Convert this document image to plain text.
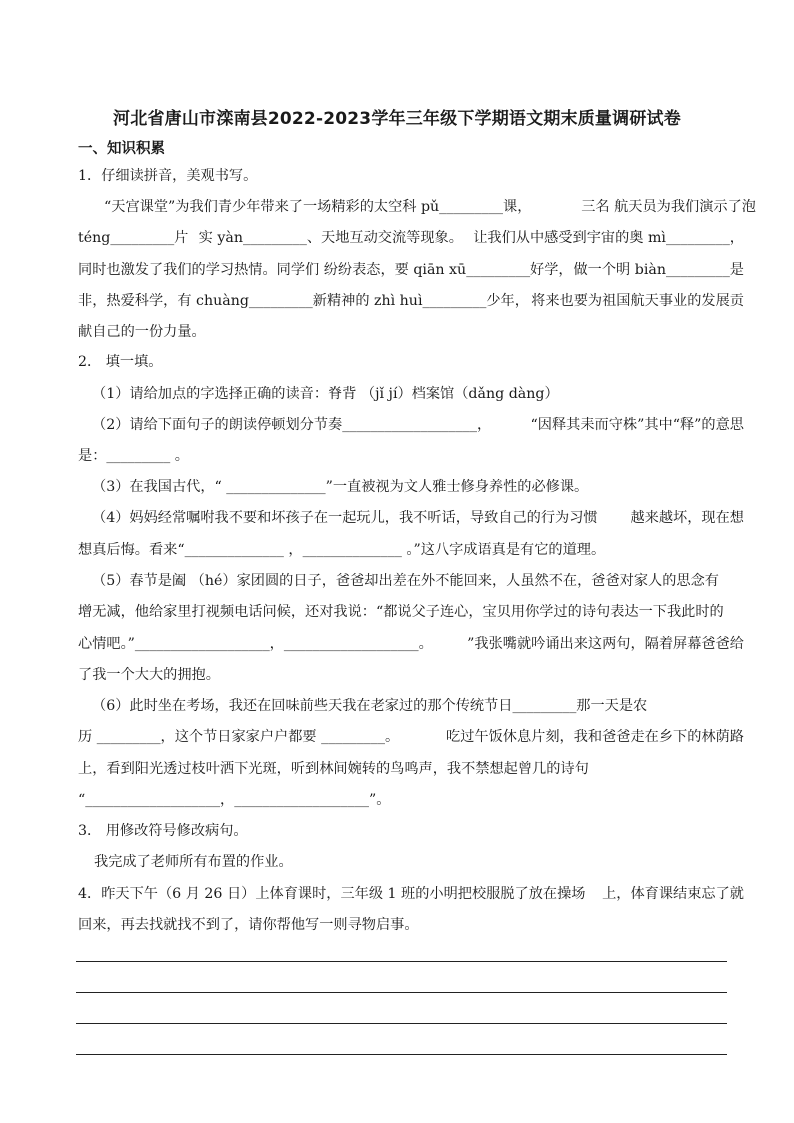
河北省唐山市滦南县2022-2023学年三年级下学期语文期末质量调研试卷
一、知识积累
1．仔细读拼音，美观书写。
“天宫课堂”为我们青少年带来了一场精彩的太空科 pǔ_________课，	三名 航天员为我们演示了泡
téng_________片 实 yàn_________、天地互动交流等现象。 让我们从中感受到宇宙的奥 mì_________，
同时也激发了我们的学习热情。同学们 纷纷表态，要 qiān xū_________好学， 做一个明 biàn_________是
非，热爱科学，有 chuàng_________新精神的 zhì huì_________少年， 将来也要为祖国航天事业的发展贡
献自己的一份力量。
2． 填一填。
（1）请给加点的字选择正确的读音：脊背 （jǐ jí）档案馆（dǎng dàng）
（2）请给下面句子的朗读停顿划分节奏___________________，	“因释其耒而守株”其中“释”的意思
是：_________ 。
（3）在我国古代，“ ______________”一直被视为文人雅士修身养性的必修课。
（4）妈妈经常嘱咐我不要和坏孩子在一起玩儿，我不听话，导致自己的行为习惯 越来越坏，现在想
想真后悔。看来“______________ ，______________ 。”这八字成语真是有它的道理。
（5）春节是阖 （hé）家团圆的日子，爸爸却出差在外不能回来，人虽然不在，爸爸对家人的思念有
增无减，他给家里打视频电话问候，还对我说：“都说父子连心，宝贝用你学过的诗句表达一下我此时的
心情吧。”___________________，___________________。 ”我张嘴就吟诵出来这两句，隔着屏幕爸爸给
了我一个大大的拥抱。
（6）此时坐在考场，我还在回味前些天我在老家过的那个传统节日_________那一天是农
历 _________，这个节日家家户户都要 _________。	吃过午饭休息片刻，我和爸爸走在乡下的林荫路
上，看到阳光透过枝叶洒下光斑，听到林间婉转的鸟鸣声，我不禁想起曾几的诗句
“___________________，___________________”。
3． 用修改符号修改病句。
我完成了老师所有布置的作业。
4．昨天下午（6 月 26 日）上体育课时，三年级 1 班的小明把校服脱了放在操场 上，体育课结束忘了就
回来，再去找就找不到了，请你帮他写一则寻物启事。
